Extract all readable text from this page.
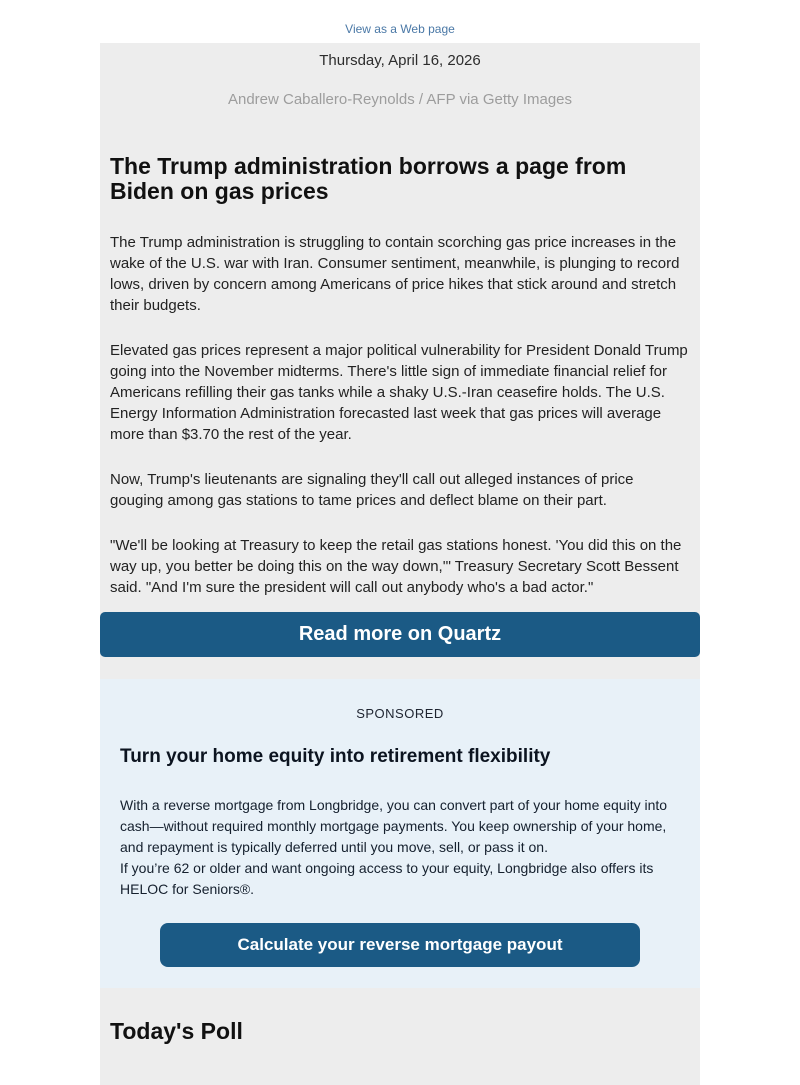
View as a Web page
Thursday, April 16, 2026
Andrew Caballero-Reynolds / AFP via Getty Images
The Trump administration borrows a page from Biden on gas prices

The Trump administration is struggling to contain scorching gas price increases in the wake of the U.S. war with Iran. Consumer sentiment, meanwhile, is plunging to record lows, driven by concern among Americans of price hikes that stick around and stretch their budgets.

Elevated gas prices represent a major political vulnerability for President Donald Trump going into the November midterms. There's little sign of immediate financial relief for Americans refilling their gas tanks while a shaky U.S.-Iran ceasefire holds. The U.S. Energy Information Administration forecasted last week that gas prices will average more than $3.70 the rest of the year.

Now, Trump's lieutenants are signaling they'll call out alleged instances of price gouging among gas stations to tame prices and deflect blame on their part.

"We'll be looking at Treasury to keep the retail gas stations honest. 'You did this on the way up, you better be doing this on the way down,'" Treasury Secretary Scott Bessent said. "And I'm sure the president will call out anybody who's a bad actor."

Read more on Quartz
SPONSORED
Turn your home equity into retirement flexibility

With a reverse mortgage from Longbridge, you can convert part of your home equity into cash—without required monthly mortgage payments. You keep ownership of your home, and repayment is typically deferred until you move, sell, or pass it on.

If you’re 62 or older and want ongoing access to your equity, Longbridge also offers its HELOC for Seniors®.

Calculate your reverse mortgage payout
Today's Poll
